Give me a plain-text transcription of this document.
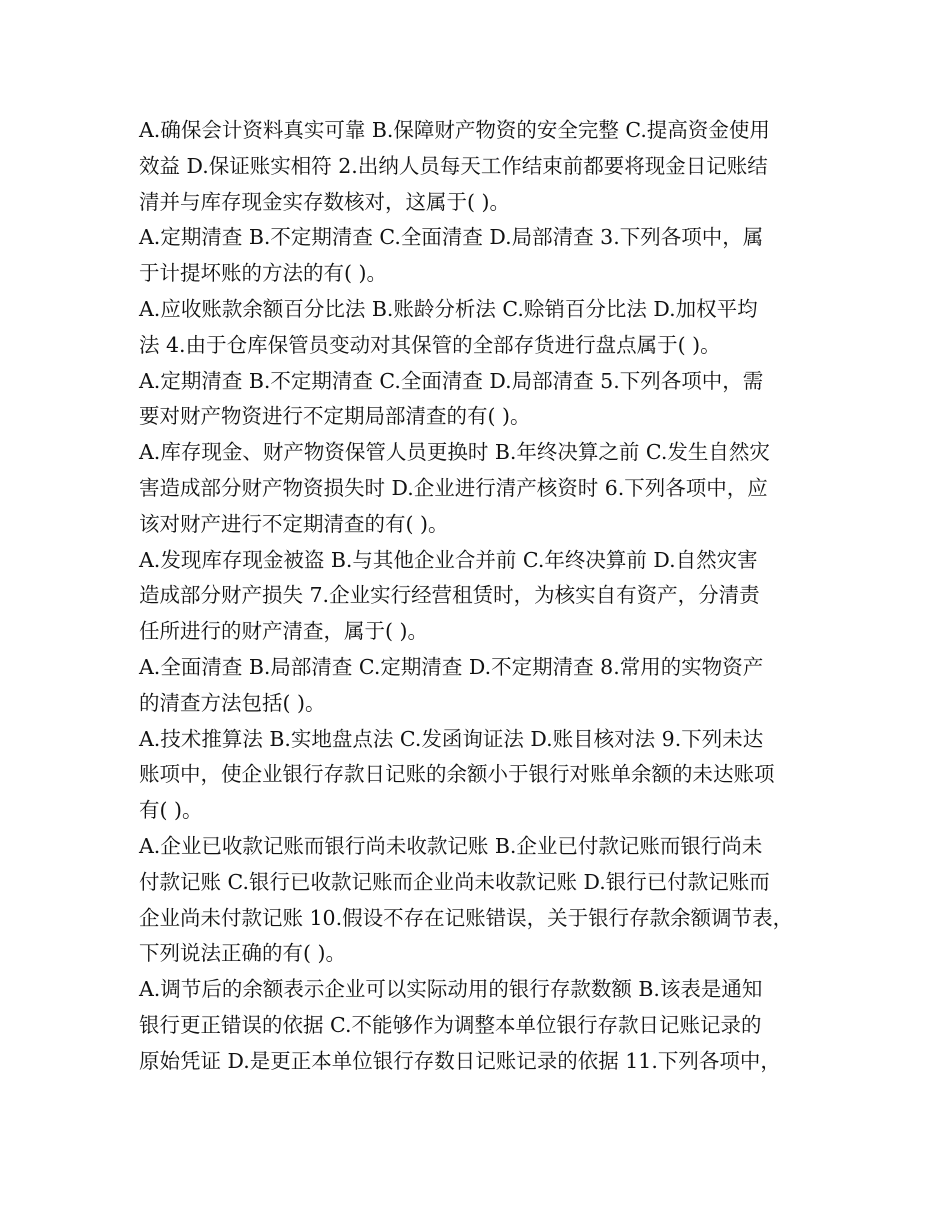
A.确保会计资料真实可靠 B.保障财产物资的安全完整 C.提高资金使用
效益 D.保证账实相符 2.出纳人员每天工作结束前都要将现金日记账结
清并与库存现金实存数核对，这属于( )。
A.定期清查 B.不定期清查 C.全面清查 D.局部清查 3.下列各项中，属
于计提坏账的方法的有( )。
A.应收账款余额百分比法 B.账龄分析法 C.赊销百分比法 D.加权平均
法 4.由于仓库保管员变动对其保管的全部存货进行盘点属于( )。
A.定期清查 B.不定期清查 C.全面清查 D.局部清查 5.下列各项中，需
要对财产物资进行不定期局部清查的有( )。
A.库存现金、财产物资保管人员更换时 B.年终决算之前 C.发生自然灾
害造成部分财产物资损失时 D.企业进行清产核资时 6.下列各项中，应
该对财产进行不定期清查的有( )。
A.发现库存现金被盗 B.与其他企业合并前 C.年终决算前 D.自然灾害
造成部分财产损失 7.企业实行经营租赁时，为核实自有资产，分清责
任所进行的财产清查，属于( )。
A.全面清查 B.局部清查 C.定期清查 D.不定期清查 8.常用的实物资产
的清查方法包括( )。
A.技术推算法 B.实地盘点法 C.发函询证法 D.账目核对法 9.下列未达
账项中，使企业银行存款日记账的余额小于银行对账单余额的未达账项
有( )。
A.企业已收款记账而银行尚未收款记账 B.企业已付款记账而银行尚未
付款记账 C.银行已收款记账而企业尚未收款记账 D.银行已付款记账而
企业尚未付款记账 10.假设不存在记账错误，关于银行存款余额调节表，
下列说法正确的有( )。
A.调节后的余额表示企业可以实际动用的银行存款数额 B.该表是通知
银行更正错误的依据 C.不能够作为调整本单位银行存款日记账记录的
原始凭证 D.是更正本单位银行存数日记账记录的依据 11.下列各项中，
